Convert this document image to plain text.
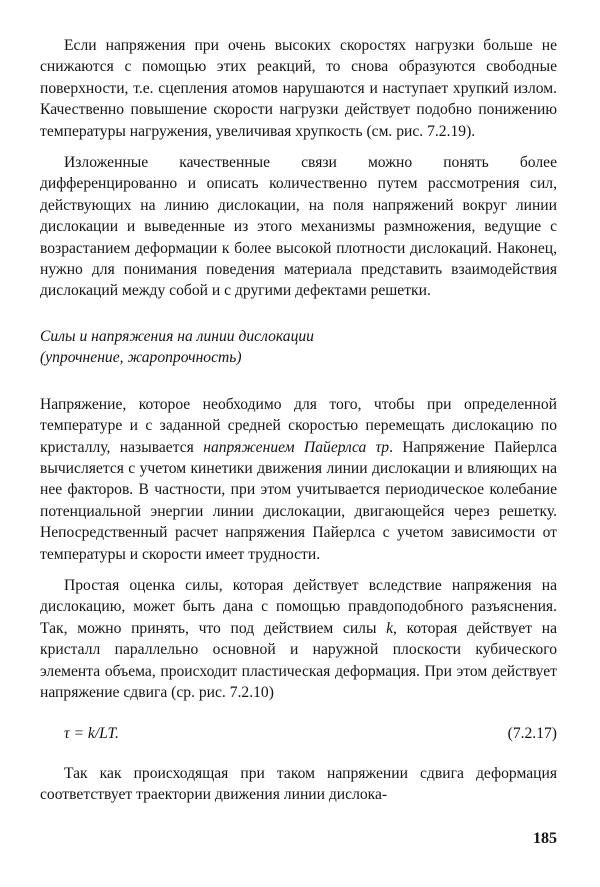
Если напряжения при очень высоких скоростях нагрузки больше не снижаются с помощью этих реакций, то снова образуются свободные поверхности, т.е. сцепления атомов нарушаются и наступает хрупкий излом. Качественно повышение скорости нагрузки действует подобно понижению температуры нагружения, увеличивая хрупкость (см. рис. 7.2.19).

Изложенные качественные связи можно понять более дифференцированно и описать количественно путем рассмотрения сил, действующих на линию дислокации, на поля напряжений вокруг линии дислокации и выведенные из этого механизмы размножения, ведущие с возрастанием деформации к более высокой плотности дислокаций. Наконец, нужно для понимания поведения материала представить взаимодействия дислокаций между собой и с другими дефектами решетки.

Силы и напряжения на линии дислокации
(упрочнение, жаропрочность)

Напряжение, которое необходимо для того, чтобы при определенной температуре и с заданной средней скоростью перемещать дислокацию по кристаллу, называется напряжением Пайерлса τp. Напряжение Пайерлса вычисляется с учетом кинетики движения линии дислокации и влияющих на нее факторов. В частности, при этом учитывается периодическое колебание потенциальной энергии линии дислокации, двигающейся через решетку. Непосредственный расчет напряжения Пайерлса с учетом зависимости от температуры и скорости имеет трудности.

Простая оценка силы, которая действует вследствие напряжения на дислокацию, может быть дана с помощью правдоподобного разъяснения. Так, можно принять, что под действием силы k, которая действует на кристалл параллельно основной и наружной плоскости кубического элемента объема, происходит пластическая деформация. При этом действует напряжение сдвига (ср. рис. 7.2.10)

τ = k/LT.	(7.2.17)

Так как происходящая при таком напряжении сдвига деформация соответствует траектории движения линии дислока-

185
